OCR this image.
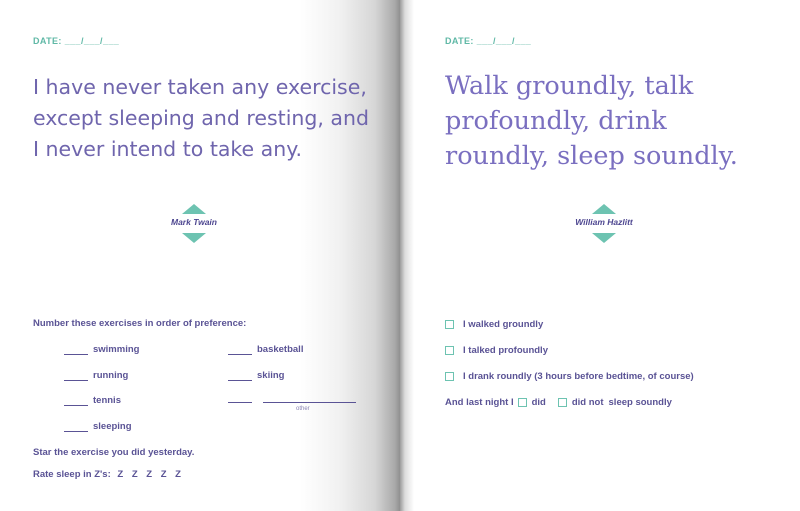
DATE: ___/___/___
I have never taken any exercise, except sleeping and resting, and I never intend to take any.
Mark Twain
Number these exercises in order of preference:
swimming
running
tennis
sleeping
basketball
skiing
other
Star the exercise you did yesterday.
Rate sleep in Z's: Z Z Z Z Z
DATE: ___/___/___
Walk groundly, talk profoundly, drink roundly, sleep soundly.
William Hazlitt
I walked groundly
I talked profoundly
I drank roundly (3 hours before bedtime, of course)
And last night I did	did not sleep soundly
